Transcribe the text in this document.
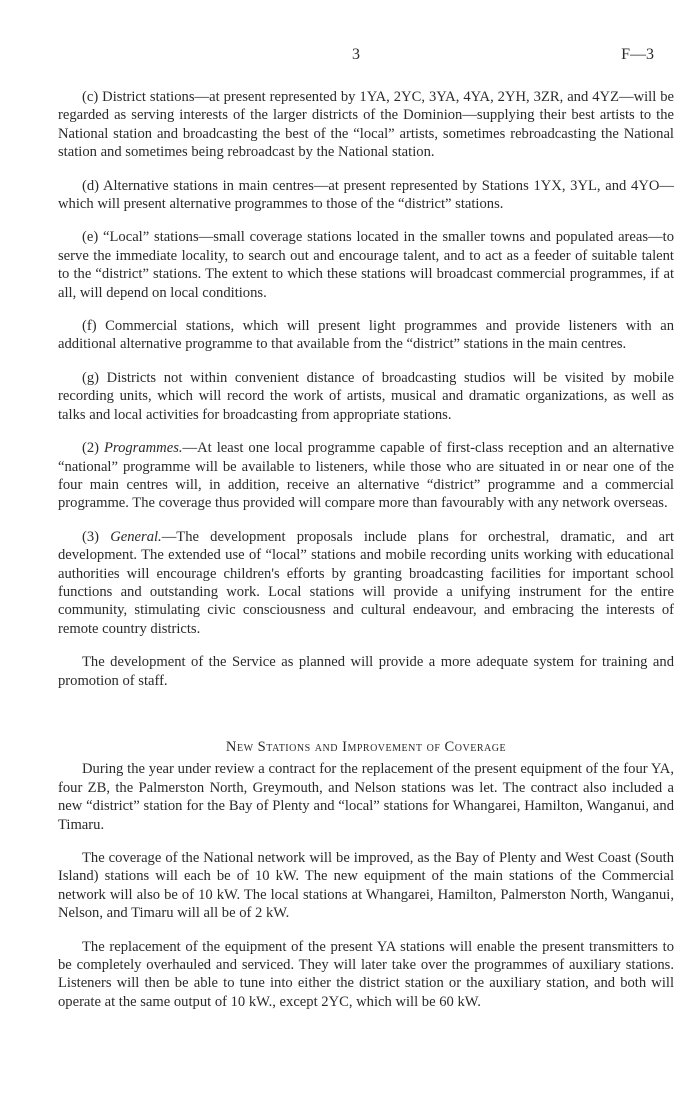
3	F—3

(c) District stations—at present represented by 1YA, 2YC, 3YA, 4YA, 2YH, 3ZR, and 4YZ—will be regarded as serving interests of the larger districts of the Dominion—supplying their best artists to the National station and broadcasting the best of the “local” artists, sometimes rebroadcasting the National station and sometimes being rebroadcast by the National station.

(d) Alternative stations in main centres—at present represented by Stations 1YX, 3YL, and 4YO—which will present alternative programmes to those of the “district” stations.

(e) “Local” stations—small coverage stations located in the smaller towns and populated areas—to serve the immediate locality, to search out and encourage talent, and to act as a feeder of suitable talent to the “district” stations. The extent to which these stations will broadcast commercial programmes, if at all, will depend on local conditions.

(f) Commercial stations, which will present light programmes and provide listeners with an additional alternative programme to that available from the “district” stations in the main centres.

(g) Districts not within convenient distance of broadcasting studios will be visited by mobile recording units, which will record the work of artists, musical and dramatic organizations, as well as talks and local activities for broadcasting from appropriate stations.

(2) Programmes.—At least one local programme capable of first-class reception and an alternative “national” programme will be available to listeners, while those who are situated in or near one of the four main centres will, in addition, receive an alternative “district” programme and a commercial programme. The coverage thus provided will compare more than favourably with any network overseas.

(3) General.—The development proposals include plans for orchestral, dramatic, and art development. The extended use of “local” stations and mobile recording units working with educational authorities will encourage children's efforts by granting broadcasting facilities for important school functions and outstanding work. Local stations will provide a unifying instrument for the entire community, stimulating civic consciousness and cultural endeavour, and embracing the interests of remote country districts.

The development of the Service as planned will provide a more adequate system for training and promotion of staff.

New Stations and Improvement of Coverage

During the year under review a contract for the replacement of the present equipment of the four YA, four ZB, the Palmerston North, Greymouth, and Nelson stations was let. The contract also included a new “district” station for the Bay of Plenty and “local” stations for Whangarei, Hamilton, Wanganui, and Timaru.

The coverage of the National network will be improved, as the Bay of Plenty and West Coast (South Island) stations will each be of 10 kW. The new equipment of the main stations of the Commercial network will also be of 10 kW. The local stations at Whangarei, Hamilton, Palmerston North, Wanganui, Nelson, and Timaru will all be of 2 kW.

The replacement of the equipment of the present YA stations will enable the present transmitters to be completely overhauled and serviced. They will later take over the programmes of auxiliary stations. Listeners will then be able to tune into either the district station or the auxiliary station, and both will operate at the same output of 10 kW., except 2YC, which will be 60 kW.
